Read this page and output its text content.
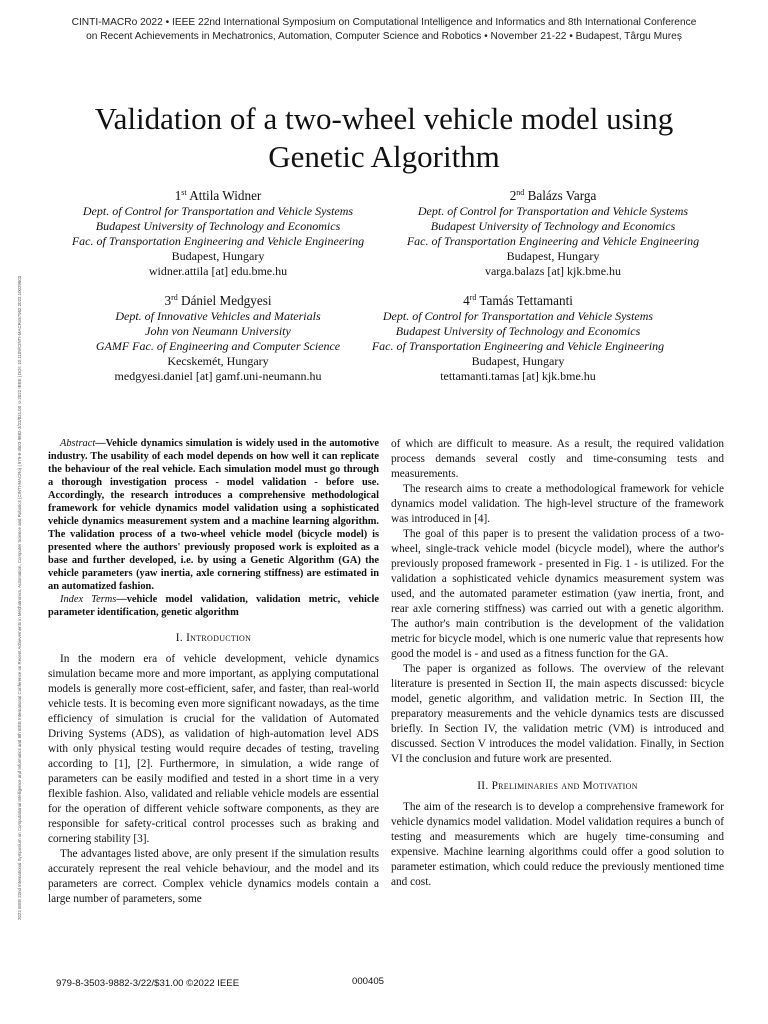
CINTI-MACRo 2022 • IEEE 22nd International Symposium on Computational Intelligence and Informatics and 8th International Conference
on Recent Achievements in Mechatronics, Automation, Computer Science and Robotics • November 21-22 • Budapest, Târgu Mureș
2022 IEEE 22nd International Symposium on Computational Intelligence and Informatics and 8th IEEE International Conference on Recent Achievements in Mechatronics, Automation, Computer Science and Robotics (CINTI-MACRo) | 979-8-3503-9882-3/22/$31.00 ©2022 IEEE | DOI: 10.1109/CINTI-MACRo57952.2022.10029503
Validation of a two-wheel vehicle model using
Genetic Algorithm
1st Attila Widner
Dept. of Control for Transportation and Vehicle Systems
Budapest University of Technology and Economics
Fac. of Transportation Engineering and Vehicle Engineering
Budapest, Hungary
widner.attila [at] edu.bme.hu
2nd Balázs Varga
Dept. of Control for Transportation and Vehicle Systems
Budapest University of Technology and Economics
Fac. of Transportation Engineering and Vehicle Engineering
Budapest, Hungary
varga.balazs [at] kjk.bme.hu
3rd Dániel Medgyesi
Dept. of Innovative Vehicles and Materials
John von Neumann University
GAMF Fac. of Engineering and Computer Science
Kecskemét, Hungary
medgyesi.daniel [at] gamf.uni-neumann.hu
4rd Tamás Tettamanti
Dept. of Control for Transportation and Vehicle Systems
Budapest University of Technology and Economics
Fac. of Transportation Engineering and Vehicle Engineering
Budapest, Hungary
tettamanti.tamas [at] kjk.bme.hu

Abstract—Vehicle dynamics simulation is widely used in the automotive industry. The usability of each model depends on how well it can replicate the behaviour of the real vehicle. Each simulation model must go through a thorough investigation process - model validation - before use. Accordingly, the research introduces a comprehensive methodological framework for vehicle dynamics model validation using a sophisticated vehicle dynamics measurement system and a machine learning algorithm. The validation process of a two-wheel vehicle model (bicycle model) is presented where the authors' previously proposed work is exploited as a base and further developed, i.e. by using a Genetic Algorithm (GA) the vehicle parameters (yaw inertia, axle cornering stiffness) are estimated in an automatized fashion.

Index Terms—vehicle model validation, validation metric, vehicle parameter identification, genetic algorithm

I. Introduction

In the modern era of vehicle development, vehicle dynamics simulation became more and more important, as applying computational models is generally more cost-efficient, safer, and faster, than real-world vehicle tests. It is becoming even more significant nowadays, as the time efficiency of simulation is crucial for the validation of Automated Driving Systems (ADS), as validation of high-automation level ADS with only physical testing would require decades of testing, traveling according to [1], [2]. Furthermore, in simulation, a wide range of parameters can be easily modified and tested in a short time in a very flexible fashion. Also, validated and reliable vehicle models are essential for the operation of different vehicle software components, as they are responsible for safety-critical control processes such as braking and cornering stability [3].

The advantages listed above, are only present if the simulation results accurately represent the real vehicle behaviour, and the model and its parameters are correct. Complex vehicle dynamics models contain a large number of parameters, some

of which are difficult to measure. As a result, the required validation process demands several costly and time-consuming tests and measurements.

The research aims to create a methodological framework for vehicle dynamics model validation. The high-level structure of the framework was introduced in [4].

The goal of this paper is to present the validation process of a two-wheel, single-track vehicle model (bicycle model), where the author's previously proposed framework - presented in Fig. 1 - is utilized. For the validation a sophisticated vehicle dynamics measurement system was used, and the automated parameter estimation (yaw inertia, front, and rear axle cornering stiffness) was carried out with a genetic algorithm. The author's main contribution is the development of the validation metric for bicycle model, which is one numeric value that represents how good the model is - and used as a fitness function for the GA.

The paper is organized as follows. The overview of the relevant literature is presented in Section II, the main aspects discussed: bicycle model, genetic algorithm, and validation metric. In Section III, the preparatory measurements and the vehicle dynamics tests are discussed briefly. In Section IV, the validation metric (VM) is introduced and discussed. Section V introduces the model validation. Finally, in Section VI the conclusion and future work are presented.

II. Preliminaries and Motivation

The aim of the research is to develop a comprehensive framework for vehicle dynamics model validation. Model validation requires a bunch of testing and measurements which are hugely time-consuming and expensive. Machine learning algorithms could offer a good solution to parameter estimation, which could reduce the previously mentioned time and cost.

979-8-3503-9882-3/22/$31.00 ©2022 IEEE	000405
